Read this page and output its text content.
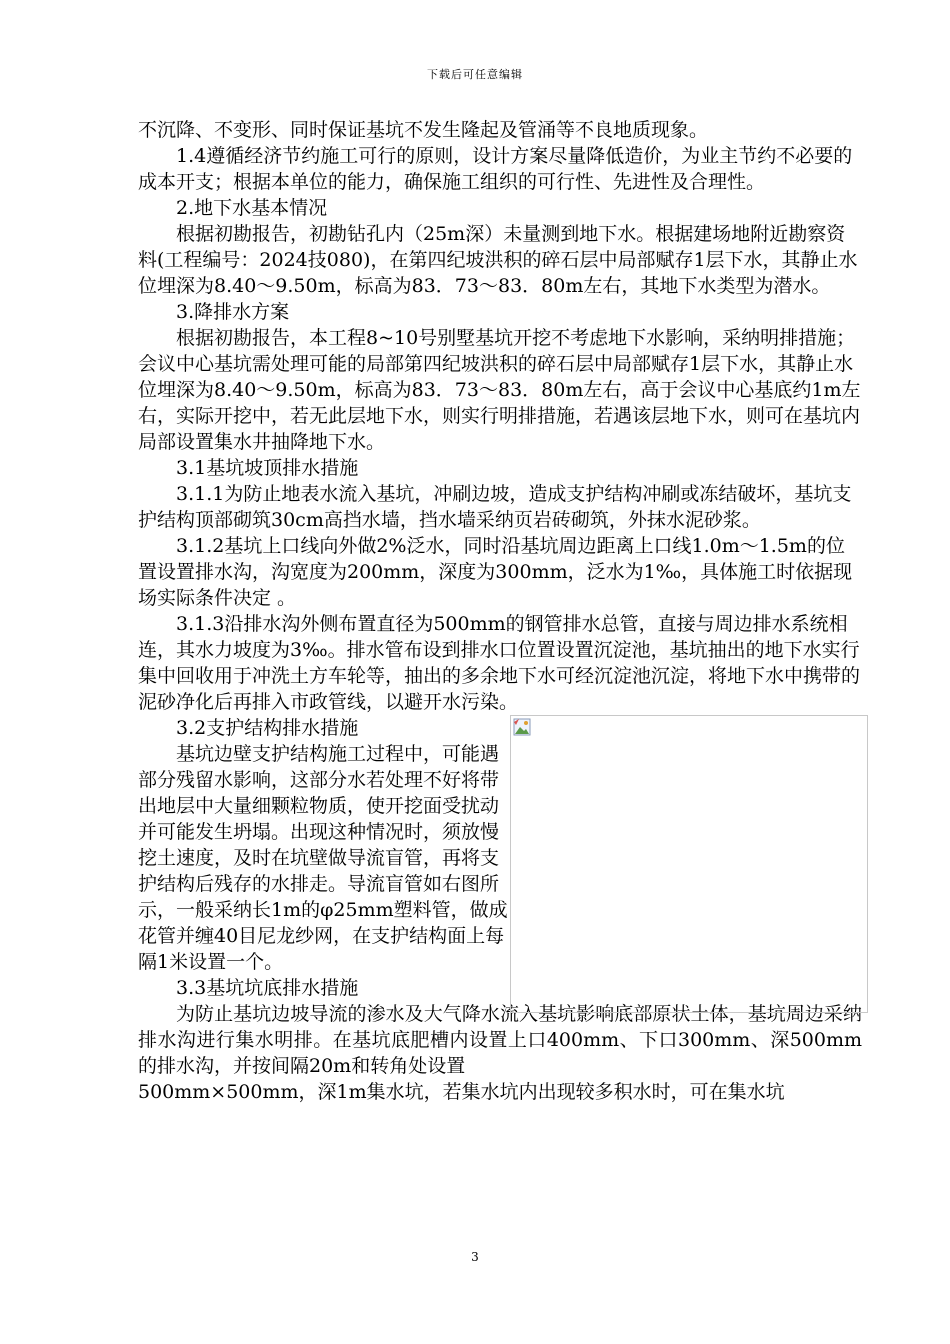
下载后可任意编辑

不沉降、不变形、同时保证基坑不发生隆起及管涌等不良地质现象。

1.4遵循经济节约施工可行的原则，设计方案尽量降低造价，为业主节约不必要的成本开支；根据本单位的能力，确保施工组织的可行性、先进性及合理性。

2.地下水基本情况

根据初勘报告，初勘钻孔内（25m深）未量测到地下水。根据建场地附近勘察资料(工程编号：2024技080)，在第四纪坡洪积的碎石层中局部赋存1层下水，其静止水位埋深为8.40～9.50m，标高为83．73～83．80m左右，其地下水类型为潜水。

3.降排水方案

根据初勘报告，本工程8~10号别墅基坑开挖不考虑地下水影响，采纳明排措施；会议中心基坑需处理可能的局部第四纪坡洪积的碎石层中局部赋存1层下水，其静止水位埋深为8.40～9.50m，标高为83．73～83．80m左右，高于会议中心基底约1m左右，实际开挖中，若无此层地下水，则实行明排措施，若遇该层地下水，则可在基坑内局部设置集水井抽降地下水。

3.1基坑坡顶排水措施

3.1.1为防止地表水流入基坑，冲刷边坡，造成支护结构冲刷或冻结破坏，基坑支护结构顶部砌筑30cm高挡水墙，挡水墙采纳页岩砖砌筑，外抹水泥砂浆。

3.1.2基坑上口线向外做2%泛水，同时沿基坑周边距离上口线1.0m～1.5m的位置设置排水沟，沟宽度为200mm，深度为300mm，泛水为1‰，具体施工时依据现场实际条件决定 。

3.1.3沿排水沟外侧布置直径为500mm的钢管排水总管，直接与周边排水系统相连，其水力坡度为3‰。排水管布设到排水口位置设置沉淀池，基坑抽出的地下水实行集中回收用于冲洗土方车轮等，抽出的多余地下水可经沉淀池沉淀，将地下水中携带的泥砂净化后再排入市政管线，以避开水污染。

3.2支护结构排水措施

基坑边壁支护结构施工过程中，可能遇部分残留水影响，这部分水若处理不好将带出地层中大量细颗粒物质，使开挖面受扰动并可能发生坍塌。出现这种情况时，须放慢挖土速度，及时在坑壁做导流盲管，再将支护结构后残存的水排走。导流盲管如右图所示，一般采纳长1m的φ25mm塑料管，做成花管并缠40目尼龙纱网，在支护结构面上每隔1米设置一个。

3.3基坑坑底排水措施

为防止基坑边坡导流的渗水及大气降水流入基坑影响底部原状土体，基坑周边采纳排水沟进行集水明排。在基坑底肥槽内设置上口400mm、下口300mm、深500mm的排水沟，并按间隔20m和转角处设置

500mm×500mm，深1m集水坑，若集水坑内出现较多积水时，可在集水坑

3
